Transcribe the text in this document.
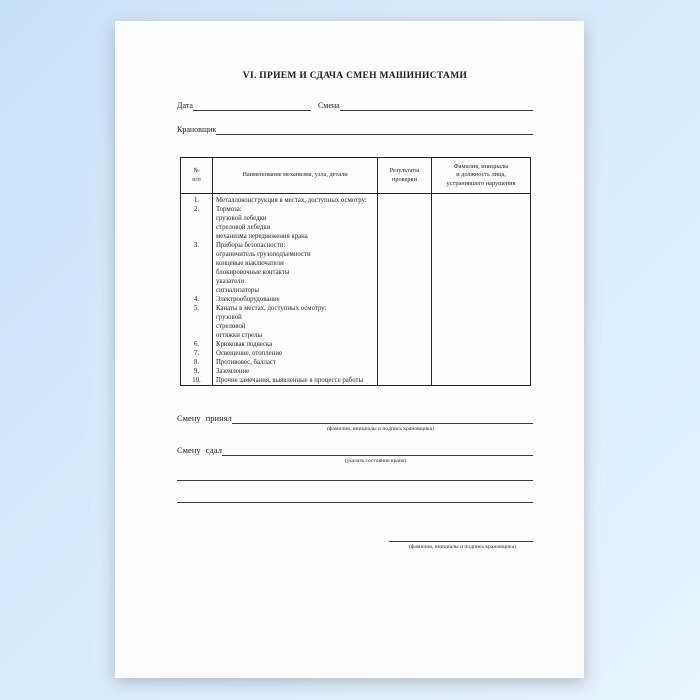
VI. ПРИЕМ И СДАЧА СМЕН МАШИНИСТАМИ
Дата	Смена
Крановщик
№
п/п
Наименование механизма, узла, детали
Результаты
проверки
Фамилия, инициалы
и должность лица,
устранившего нарушения
1.
2.

3.

4.
5.

6.
7.
8.
9.
10.
Металлоконструкция в местах, доступных осмотру:
Тормоза:
грузовой лебедки
стреловой лебедки
механизма передвижения крана
Приборы безопасности:
ограничитель грузоподъемности
концевые выключатели
блокировочные контакты
указатели
сигнализаторы
Электрооборудование
Канаты в местах, доступных осмотру:
грузовой
стреловой
оттяжки стрелы
Крюковая подвеска
Освещение, отопление
Противовес, балласт
Заземление
Прочие замечания, выявленные в процессе работы
Смену принял
(фамилия, инициалы и подпись крановщика)
Смену сдал
(указать состояние крана)
(фамилия, инициалы и подпись крановщика)
